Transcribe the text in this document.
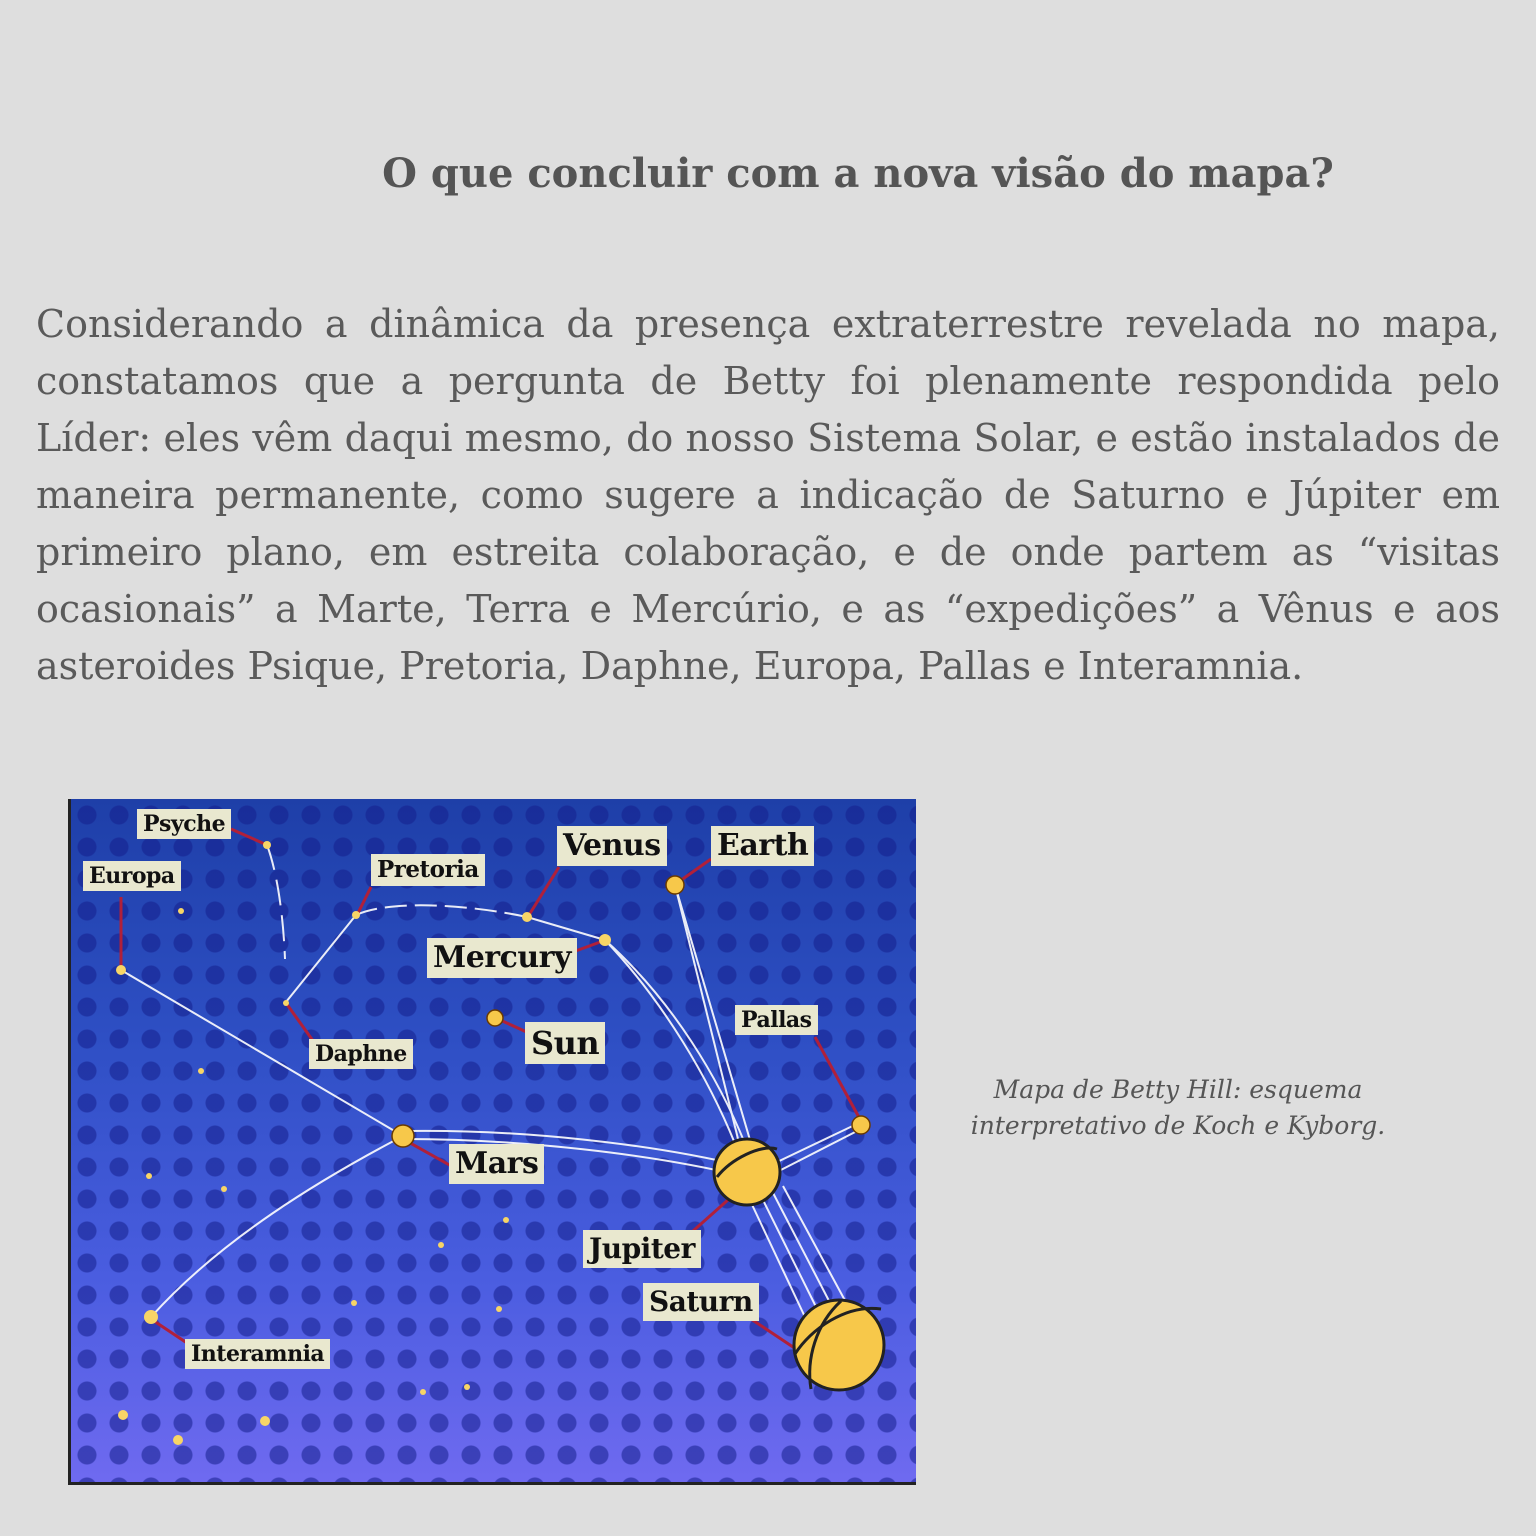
O que concluir com a nova visão do mapa?

Considerando a dinâmica da presença extraterrestre revelada no mapa, constatamos que a pergunta de Betty foi plenamente respondida pelo Líder: eles vêm daqui mesmo, do nosso Sistema Solar, e estão instalados de maneira permanente, como sugere a indicação de Saturno e Júpiter em primeiro plano, em estreita colaboração, e de onde partem as “visitas ocasionais” a Marte, Terra e Mercúrio, e as “expedições” a Vênus e aos asteroides Psique, Pretoria, Daphne, Europa, Pallas e Interamnia.

Psyche
Europa	Pretoria
Venus Earth
Mercury
Sun
Pallas
Daphne
Mars
Jupiter
Saturn
Interamnia
Mapa de Betty Hill: esquema interpretativo de Koch e Kyborg.
